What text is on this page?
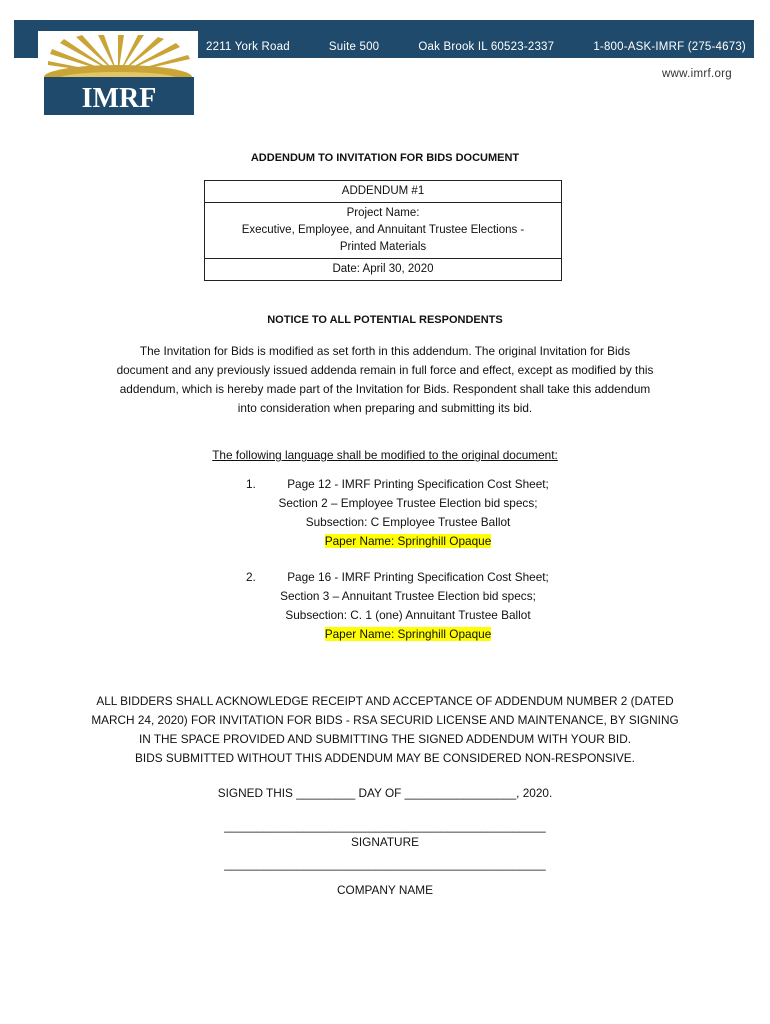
2211 York Road	Suite 500	Oak Brook IL 60523-2337	1-800-ASK-IMRF (275-4673)
IMRF
www.imrf.org
ADDENDUM TO INVITATION FOR BIDS DOCUMENT
ADDENDUM #1

Project Name:
Executive, Employee, and Annuitant Trustee Elections -
Printed Materials

Date: April 30, 2020
NOTICE TO ALL POTENTIAL RESPONDENTS
The Invitation for Bids is modified as set forth in this addendum. The original Invitation for Bids
document and any previously issued addenda remain in full force and effect, except as modified by this
addendum, which is hereby made part of the Invitation for Bids. Respondent shall take this addendum
into consideration when preparing and submitting its bid.
The following language shall be modified to the original document:
1.	Page 12 - IMRF Printing Specification Cost Sheet;
Section 2 – Employee Trustee Election bid specs;
Subsection: C Employee Trustee Ballot
Paper Name: Springhill Opaque
2.	Page 16 - IMRF Printing Specification Cost Sheet;
Section 3 – Annuitant Trustee Election bid specs;
Subsection: C. 1 (one) Annuitant Trustee Ballot
Paper Name: Springhill Opaque
ALL BIDDERS SHALL ACKNOWLEDGE RECEIPT AND ACCEPTANCE OF ADDENDUM NUMBER 2 (DATED
MARCH 24, 2020) FOR INVITATION FOR BIDS - RSA SECURID LICENSE AND MAINTENANCE, BY SIGNING
IN THE SPACE PROVIDED AND SUBMITTING THE SIGNED ADDENDUM WITH YOUR BID.
BIDS SUBMITTED WITHOUT THIS ADDENDUM MAY BE CONSIDERED NON-RESPONSIVE.
SIGNED THIS _________ DAY OF _________________, 2020.
_________________________________________________
SIGNATURE
_________________________________________________
COMPANY NAME
